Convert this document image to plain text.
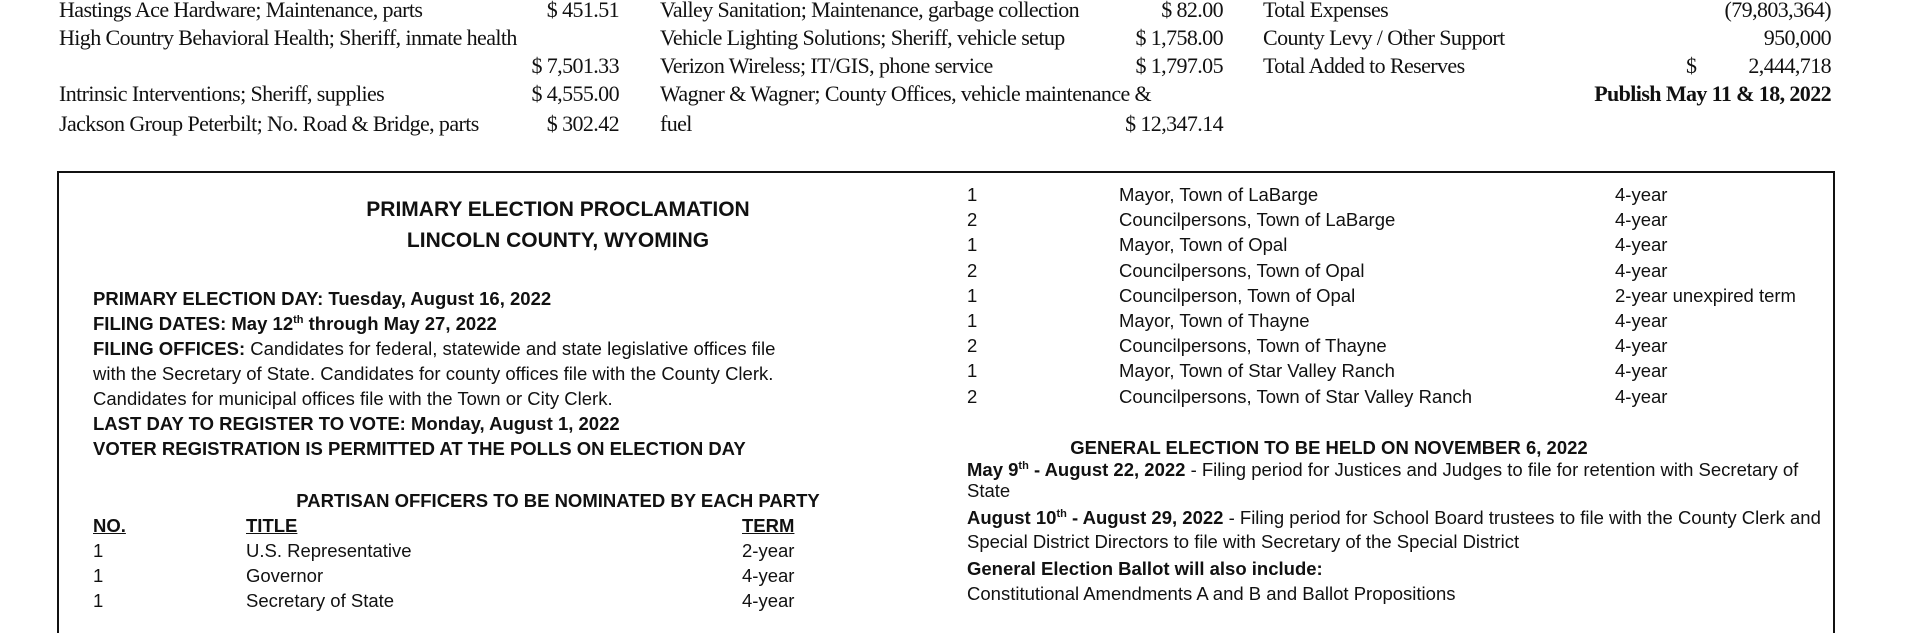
Hastings Ace Hardware; Maintenance, parts	$ 451.51
High Country Behavioral Health; Sheriff, inmate health
$ 7,501.33
Intrinsic Interventions; Sheriff, supplies	$ 4,555.00
Jackson Group Peterbilt; No. Road & Bridge, parts	$ 302.42
Valley Sanitation; Maintenance, garbage collection	$ 82.00
Vehicle Lighting Solutions; Sheriff, vehicle setup	$ 1,758.00
Verizon Wireless; IT/GIS, phone service	$ 1,797.05
Wagner & Wagner; County Offices, vehicle maintenance &
fuel	$ 12,347.14
Total Expenses	(79,803,364)
County Levy / Other Support	950,000
Total Added to Reserves	$ 2,444,718
Publish May 11 & 18, 2022
PRIMARY ELECTION PROCLAMATION
LINCOLN COUNTY, WYOMING
PRIMARY ELECTION DAY: Tuesday, August 16, 2022
FILING DATES: May 12th through May 27, 2022
FILING OFFICES: Candidates for federal, statewide and state legislative offices file
with the Secretary of State. Candidates for county offices file with the County Clerk.
Candidates for municipal offices file with the Town or City Clerk.
LAST DAY TO REGISTER TO VOTE: Monday, August 1, 2022
VOTER REGISTRATION IS PERMITTED AT THE POLLS ON ELECTION DAY
PARTISAN OFFICERS TO BE NOMINATED BY EACH PARTY
NO.	TITLE	TERM
1	U.S. Representative	2-year
1	Governor	4-year
1	Secretary of State	4-year
1	Mayor, Town of LaBarge	4-year
2	Councilpersons, Town of LaBarge	4-year
1	Mayor, Town of Opal	4-year
2	Councilpersons, Town of Opal	4-year
1	Councilperson, Town of Opal	2-year unexpired term
1	Mayor, Town of Thayne	4-year
2	Councilpersons, Town of Thayne	4-year
1	Mayor, Town of Star Valley Ranch	4-year
2	Councilpersons, Town of Star Valley Ranch	4-year
GENERAL ELECTION TO BE HELD ON NOVEMBER 6, 2022
May 9th - August 22, 2022 - Filing period for Justices and Judges to file for retention with Secretary of
State
August 10th - August 29, 2022 - Filing period for School Board trustees to file with the County Clerk and
Special District Directors to file with Secretary of the Special District
General Election Ballot will also include:
Constitutional Amendments A and B and Ballot Propositions
